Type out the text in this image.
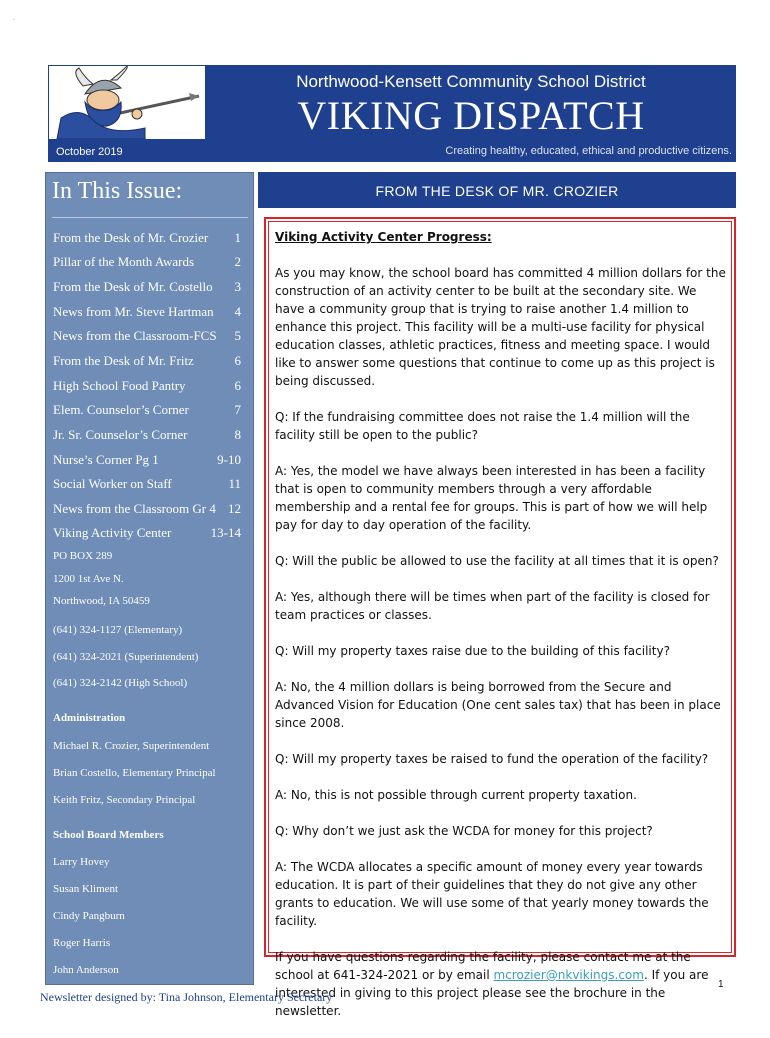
.
Northwood-Kensett Community School District
VIKING DISPATCH
October 2019	Creating healthy, educated, ethical and productive citizens.
In This Issue:
From the Desk of Mr. Crozier 1
Pillar of the Month Awards	2
From the Desk of Mr. Costello 3
News from Mr. Steve Hartman 4
News from the Classroom-FCS 5
From the Desk of Mr. Fritz	6
High School Food Pantry	6
Elem. Counselor’s Corner	7
Jr. Sr. Counselor’s Corner	8
Nurse’s Corner Pg 1	9-10
Social Worker on Staff	11
News from the Classroom Gr 4 12
Viking Activity Center	13-14
PO BOX 289
1200 1st Ave N.
Northwood, IA 50459
(641) 324-1127 (Elementary)
(641) 324-2021 (Superintendent)
(641) 324-2142 (High School)
Administration
Michael R. Crozier, Superintendent
Brian Costello, Elementary Principal
Keith Fritz, Secondary Principal
School Board Members
Larry Hovey
Susan Kliment
Cindy Pangburn
Roger Harris
John Anderson
FROM THE DESK OF MR. CROZIER

Viking Activity Center Progress:

As you may know, the school board has committed 4 million dollars for the construction of an activity center to be built at the secondary site. We have a community group that is trying to raise another 1.4 million to enhance this project. This facility will be a multi-use facility for physical education classes, athletic practices, fitness and meeting space. I would like to answer some questions that continue to come up as this project is being discussed.

Q: If the fundraising committee does not raise the 1.4 million will the facility still be open to the public?

A: Yes, the model we have always been interested in has been a facility that is open to community members through a very affordable membership and a rental fee for groups. This is part of how we will help pay for day to day operation of the facility.

Q: Will the public be allowed to use the facility at all times that it is open?

A: Yes, although there will be times when part of the facility is closed for team practices or classes.

Q: Will my property taxes raise due to the building of this facility?

A: No, the 4 million dollars is being borrowed from the Secure and Advanced Vision for Education (One cent sales tax) that has been in place since 2008.

Q: Will my property taxes be raised to fund the operation of the facility?

A: No, this is not possible through current property taxation.

Q: Why don’t we just ask the WCDA for money for this project?

A: The WCDA allocates a specific amount of money every year towards education. It is part of their guidelines that they do not give any other grants to education. We will use some of that yearly money towards the facility.

If you have questions regarding the facility, please contact me at the school at 641-324-2021 or by email mcrozier@nkvikings.com. If you are interested in giving to this project please see the brochure in the newsletter.

1
Newsletter designed by: Tina Johnson, Elementary Secretary
